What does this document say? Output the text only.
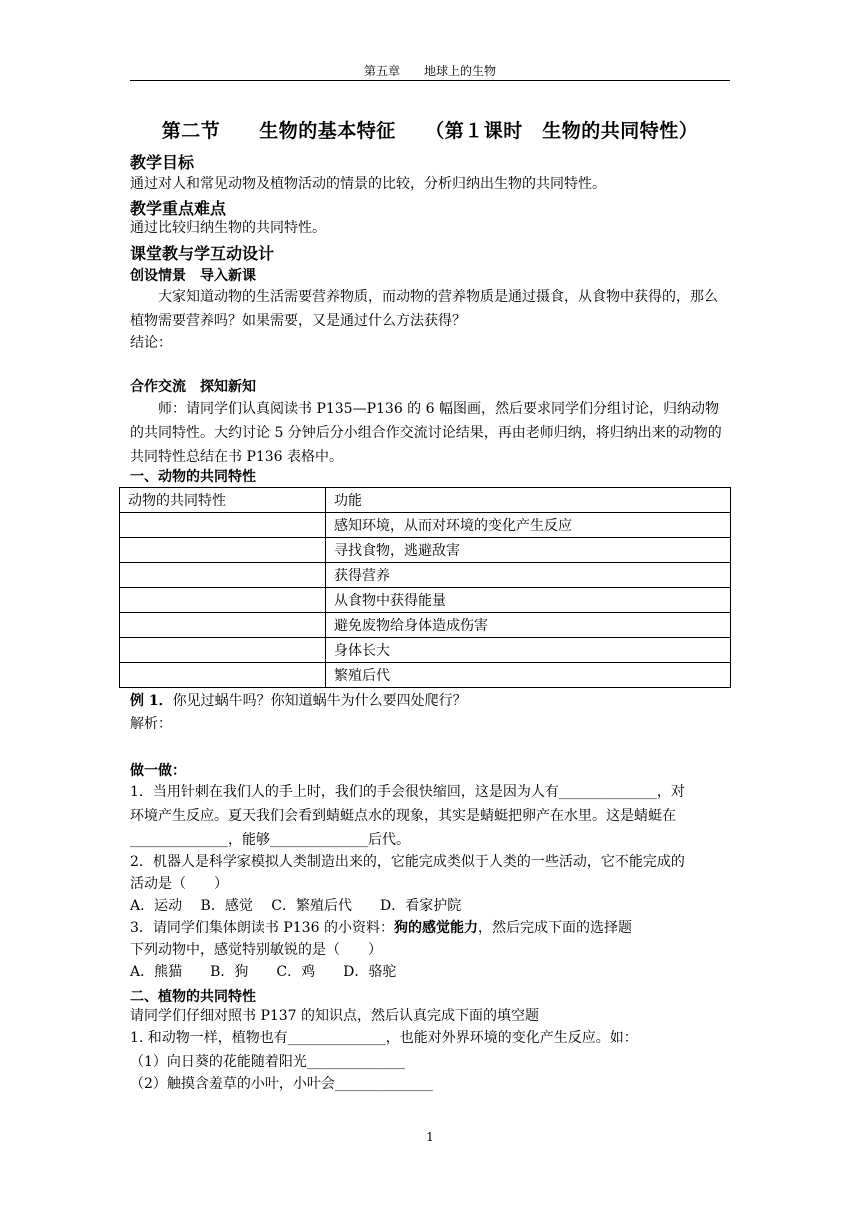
第五章　　地球上的生物
第二节　　生物的基本特征　　（第１课时　生物的共同特性）
教学目标
通过对人和常见动物及植物活动的情景的比较，分析归纳出生物的共同特性。
教学重点难点
通过比较归纳生物的共同特性。
课堂教与学互动设计
创设情景　导入新课
大家知道动物的生活需要营养物质，而动物的营养物质是通过摄食，从食物中获得的，那么植物需要营养吗？如果需要，又是通过什么方法获得？
结论：
合作交流　探知新知
师：请同学们认真阅读书 P135—P136 的 6 幅图画，然后要求同学们分组讨论，归纳动物的共同特性。大约讨论 5 分钟后分小组合作交流讨论结果，再由老师归纳，将归纳出来的动物的共同特性总结在书 P136 表格中。
一、动物的共同特性
动物的共同特性	功能
	感知环境，从而对环境的变化产生反应
	寻找食物，逃避敌害
	获得营养
	从食物中获得能量
	避免废物给身体造成伤害
	身体长大
	繁殖后代
例 1．你见过蜗牛吗？你知道蜗牛为什么要四处爬行？
解析：
做一做：
1．当用针刺在我们人的手上时，我们的手会很快缩回，这是因为人有______________，对
环境产生反应。夏天我们会看到蜻蜓点水的现象，其实是蜻蜓把卵产在水里。这是蜻蜓在
______________，能够______________后代。
2．机器人是科学家模拟人类制造出来的，它能完成类似于人类的一些活动，它不能完成的
活动是（　　）
A．运动　 B．感觉　 C．繁殖后代　　D．看家护院
3．请同学们集体朗读书 P136 的小资料：狗的感觉能力，然后完成下面的选择题
下列动物中，感觉特别敏锐的是（　　）
A．熊猫　　B．狗　　C．鸡　　D．骆驼
二、植物的共同特性
请同学们仔细对照书 P137 的知识点，然后认真完成下面的填空题
1. 和动物一样，植物也有______________，也能对外界环境的变化产生反应。如：
（1）向日葵的花能随着阳光______________
（2）触摸含羞草的小叶，小叶会______________
1
